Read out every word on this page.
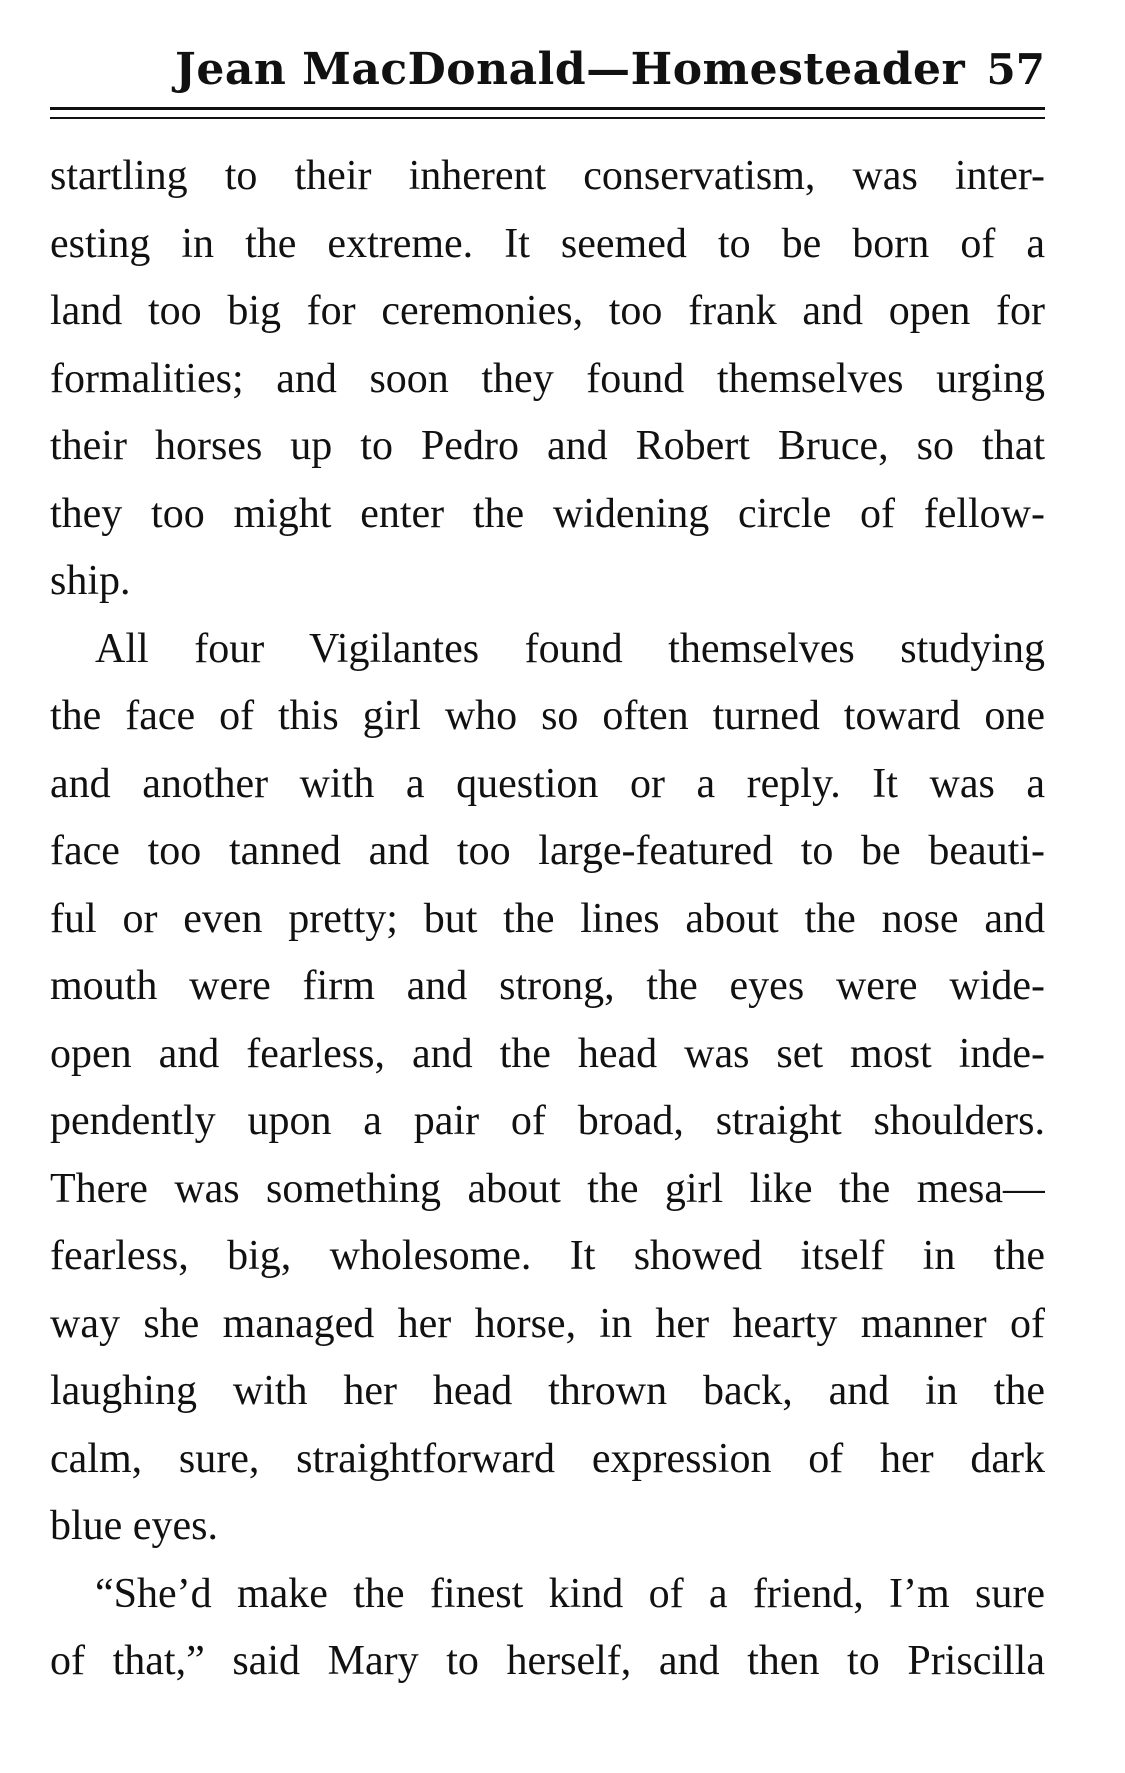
Jean MacDonald—Homesteader 57
startling to their inherent conservatism, was inter-
esting in the extreme. It seemed to be born of a
land too big for ceremonies, too frank and open for
formalities; and soon they found themselves urging
their horses up to Pedro and Robert Bruce, so that
they too might enter the widening circle of fellow-
ship.
All four Vigilantes found themselves studying
the face of this girl who so often turned toward one
and another with a question or a reply. It was a
face too tanned and too large-featured to be beauti-
ful or even pretty; but the lines about the nose and
mouth were firm and strong, the eyes were wide-
open and fearless, and the head was set most inde-
pendently upon a pair of broad, straight shoulders.
There was something about the girl like the mesa—
fearless, big, wholesome. It showed itself in the
way she managed her horse, in her hearty manner of
laughing with her head thrown back, and in the
calm, sure, straightforward expression of her dark
blue eyes.
“She’d make the finest kind of a friend, I’m sure
of that,” said Mary to herself, and then to Priscilla
